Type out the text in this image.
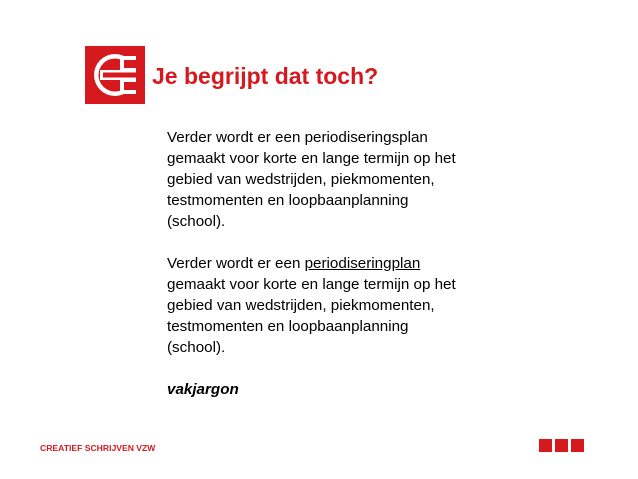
Je begrijpt dat toch?
Verder wordt er een periodiseringsplan
gemaakt voor korte en lange termijn op het
gebied van wedstrijden, piekmomenten,
testmomenten en loopbaanplanning
(school).
Verder wordt er een periodiseringplan
gemaakt voor korte en lange termijn op het
gebied van wedstrijden, piekmomenten,
testmomenten en loopbaanplanning
(school).
vakjargon
CREATIEF SCHRIJVEN VZW
